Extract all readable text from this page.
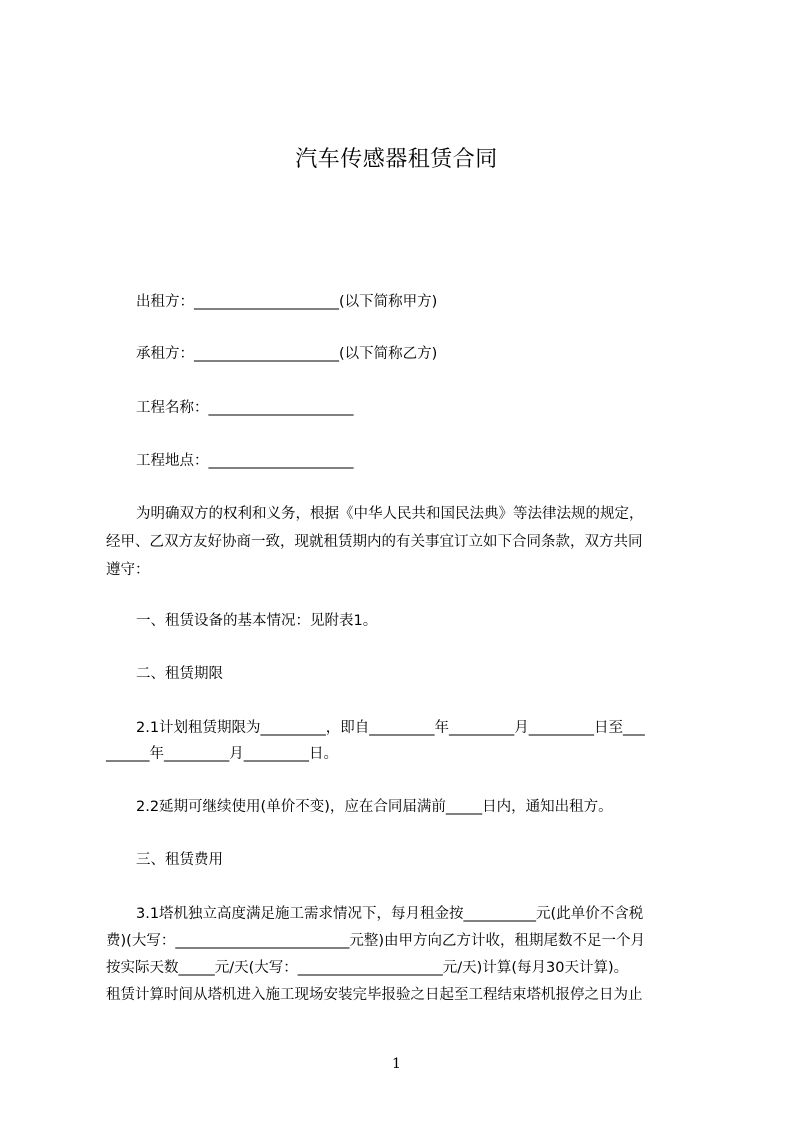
汽车传感器租赁合同
出租方：____________________(以下简称甲方)
承租方：____________________(以下简称乙方)
工程名称：____________________
工程地点：____________________
为明确双方的权利和义务，根据《中华人民共和国民法典》等法律法规的规定，
经甲、乙双方友好协商一致，现就租赁期内的有关事宜订立如下合同条款，双方共同
遵守：
一、租赁设备的基本情况：见附表1。
二、租赁期限
2.1计划租赁期限为_________，即自_________年_________月_________日至___
______年_________月_________日。
2.2延期可继续使用(单价不变)，应在合同届满前_____日内，通知出租方。
三、租赁费用
3.1塔机独立高度满足施工需求情况下，每月租金按__________元(此单价不含税
费)(大写：________________________元整)由甲方向乙方计收，租期尾数不足一个月
按实际天数_____元/天(大写：____________________元/天)计算(每月30天计算)。
租赁计算时间从塔机进入施工现场安装完毕报验之日起至工程结束塔机报停之日为止
1
